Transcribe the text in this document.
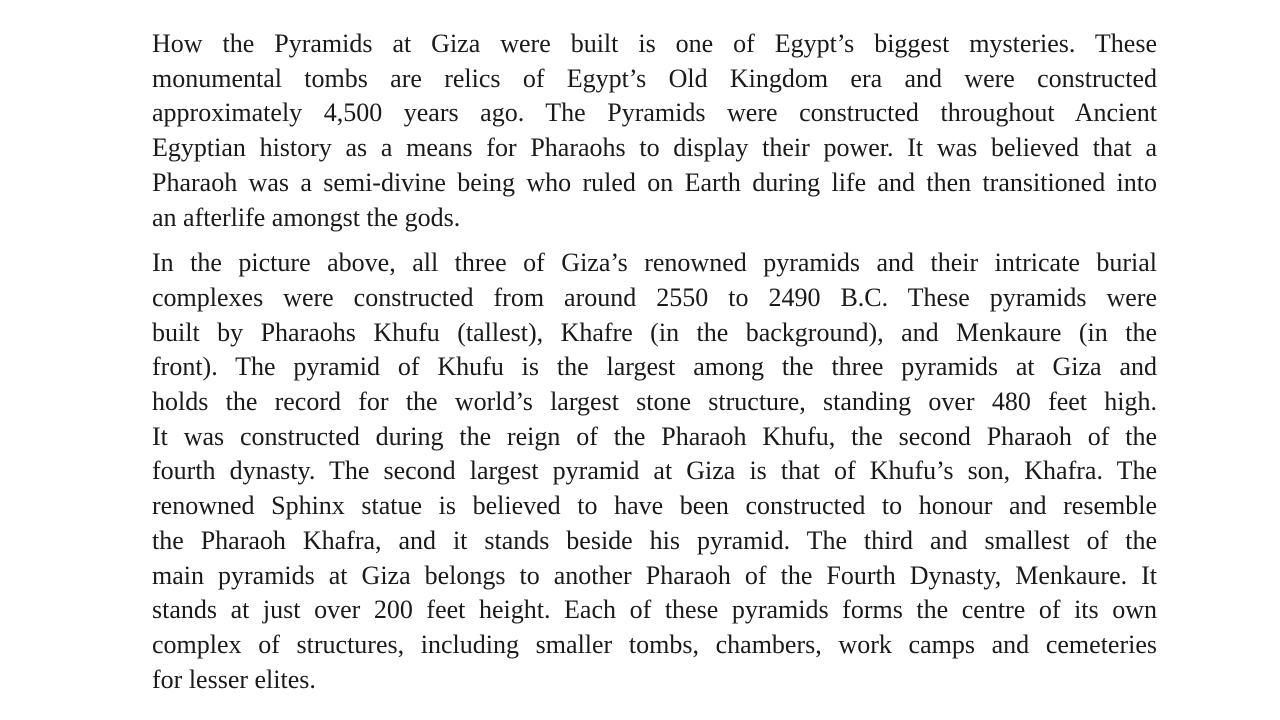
How the Pyramids at Giza were built is one of Egypt’s biggest mysteries. These
monumental tombs are relics of Egypt’s Old Kingdom era and were constructed
approximately 4,500 years ago. The Pyramids were constructed throughout Ancient
Egyptian history as a means for Pharaohs to display their power. It was believed that a
Pharaoh was a semi-divine being who ruled on Earth during life and then transitioned into
an afterlife amongst the gods.

In the picture above, all three of Giza’s renowned pyramids and their intricate burial
complexes were constructed from around 2550 to 2490 B.C. These pyramids were
built by Pharaohs Khufu (tallest), Khafre (in the background), and Menkaure (in the
front). The pyramid of Khufu is the largest among the three pyramids at Giza and
holds the record for the world’s largest stone structure, standing over 480 feet high.
It was constructed during the reign of the Pharaoh Khufu, the second Pharaoh of the
fourth dynasty. The second largest pyramid at Giza is that of Khufu’s son, Khafra. The
renowned Sphinx statue is believed to have been constructed to honour and resemble
the Pharaoh Khafra, and it stands beside his pyramid. The third and smallest of the
main pyramids at Giza belongs to another Pharaoh of the Fourth Dynasty, Menkaure. It
stands at just over 200 feet height. Each of these pyramids forms the centre of its own
complex of structures, including smaller tombs, chambers, work camps and cemeteries
for lesser elites.
